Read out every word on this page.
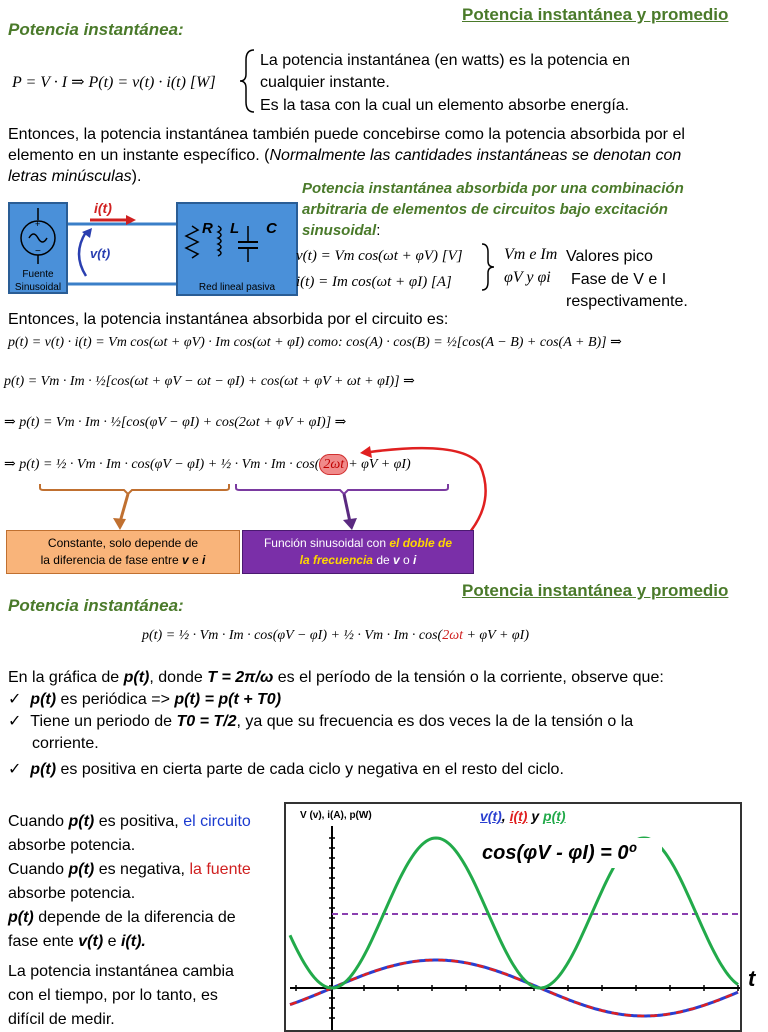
Potencia instantánea y promedio
Potencia instantánea:
P = V · I ⇒ P(t) = v(t) · i(t) [W]
La potencia instantánea (en watts) es la potencia en
cualquier instante.
Es la tasa con la cual un elemento absorbe energía.
Entonces, la potencia instantánea también puede concebirse como la potencia absorbida por el
elemento en un instante específico. (Normalmente las cantidades instantáneas se denotan con
letras minúsculas).
Potencia instantánea absorbida por una combinación
arbitraria de elementos de circuitos bajo excitación
sinusoidal:
+
−
Fuente
Sinusoidal
i(t)
v(t)
R L C
Red lineal pasiva
v(t) = Vm cos(ωt + φV) [V]
i(t) = Im cos(ωt + φI) [A]
Vm e Im Valores pico
φV y φi Fase de V e I
respectivamente.
Entonces, la potencia instantánea absorbida por el circuito es:
p(t) = v(t) · i(t) = Vm cos(ωt + φV) · Im cos(ωt + φI) como: cos(A) · cos(B) = ½[cos(A − B) + cos(A + B)] ⇒
p(t) = Vm · Im · ½[cos(ωt + φV − ωt − φI) + cos(ωt + φV + ωt + φI)] ⇒
⇒ p(t) = Vm · Im · ½[cos(φV − φI) + cos(2ωt + φV + φI)] ⇒
⇒ p(t) = ½ · Vm · Im · cos(φV − φI) + ½ · Vm · Im · cos( 2ωt + φV + φI)
Constante, solo depende de
la diferencia de fase entre v e i
Función sinusoidal con el doble de
la frecuencia de v o i
Potencia instantánea y promedio
Potencia instantánea:
p(t) = ½ · Vm · Im · cos(φV − φI) + ½ · Vm · Im · cos(2ωt + φV + φI)
En la gráfica de p(t), donde T = 2π/ω es el período de la tensión o la corriente, observe que:
✓ p(t) es periódica => p(t) = p(t + T0)
✓ Tiene un periodo de T0 = T/2, ya que su frecuencia es dos veces la de la tensión o la
corriente.
✓ p(t) es positiva en cierta parte de cada ciclo y negativa en el resto del ciclo.
Cuando p(t) es positiva, el circuito
absorbe potencia.
Cuando p(t) es negativa, la fuente
absorbe potencia.
p(t) depende de la diferencia de
fase ente v(t) e i(t).
La potencia instantánea cambia
con el tiempo, por lo tanto, es
difícil de medir.
V (v), i(A), p(W)	v(t), i(t) y p(t)
cos(φV - φI) = 0º
t
